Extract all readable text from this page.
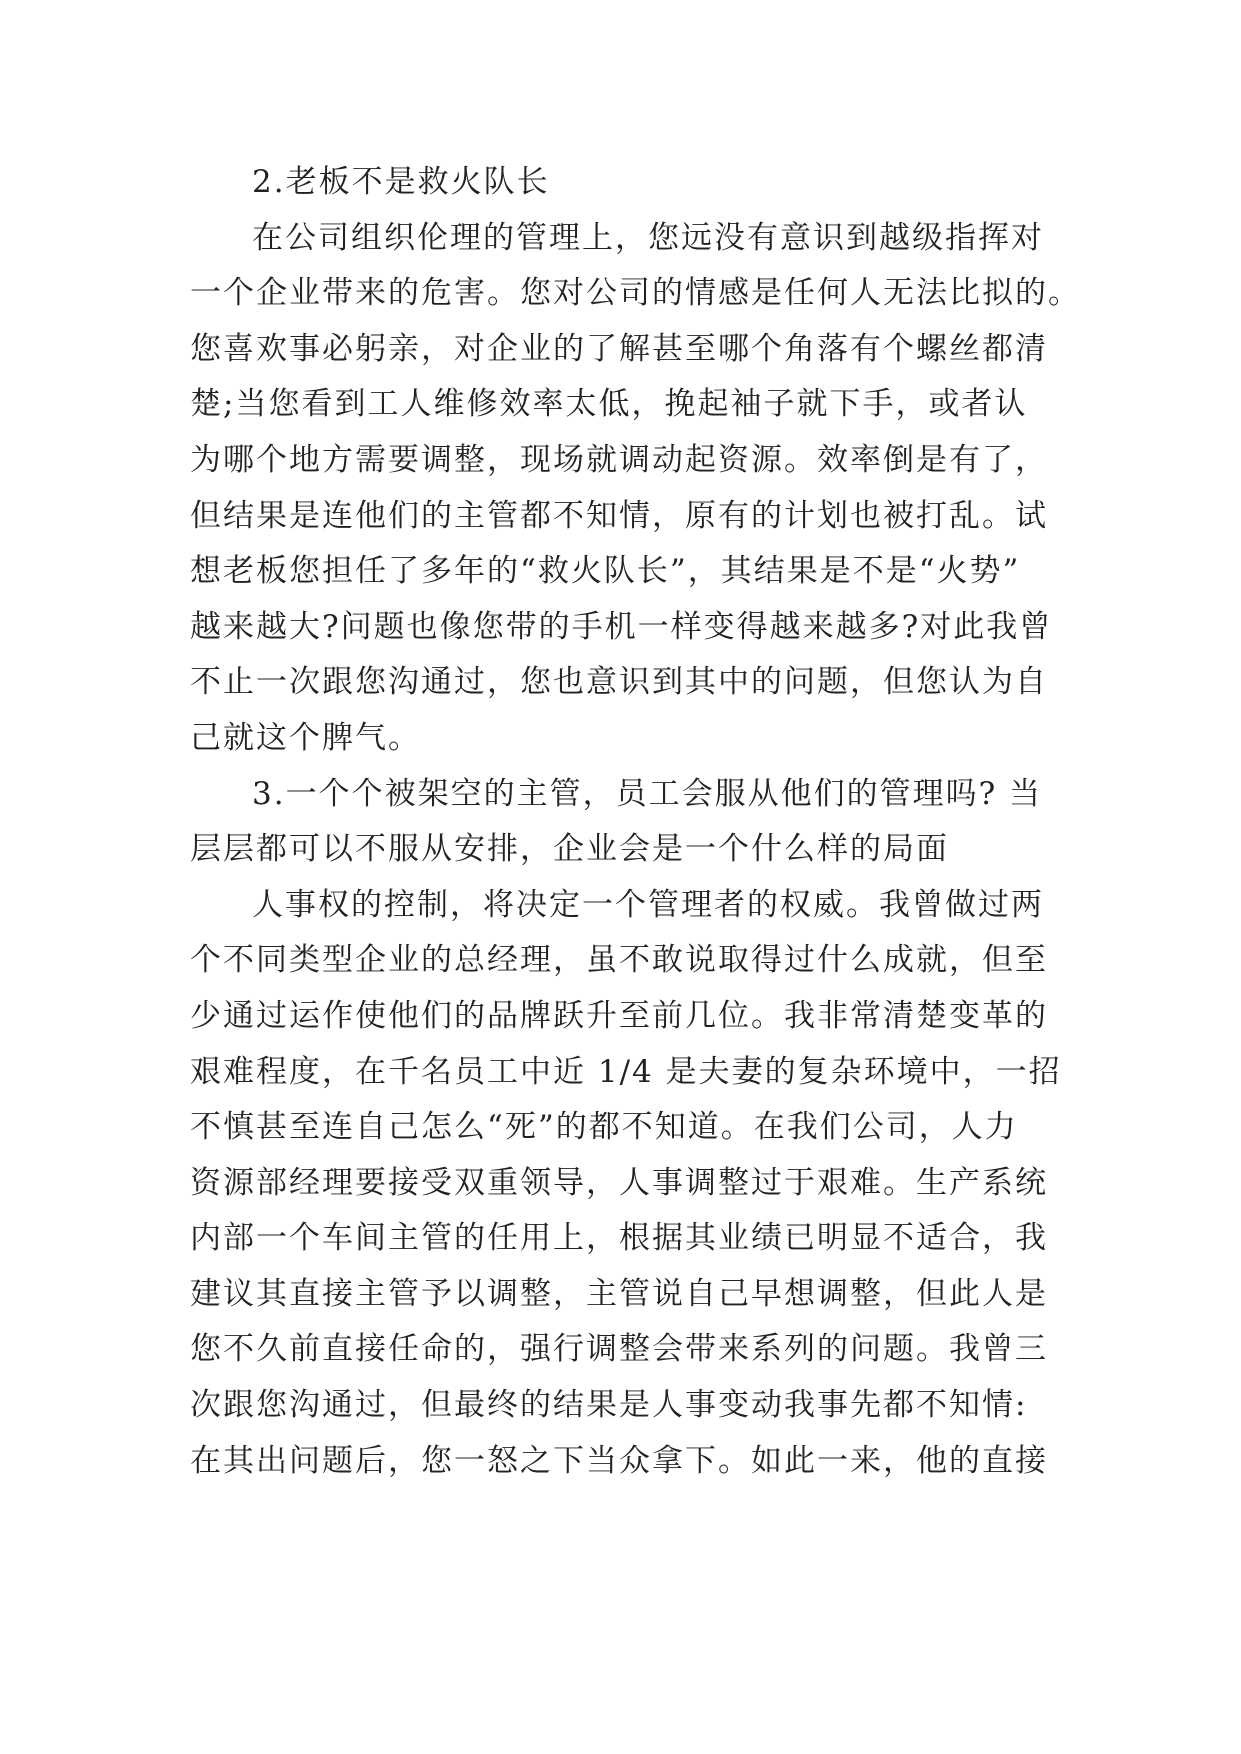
2.老板不是救火队长
在公司组织伦理的管理上，您远没有意识到越级指挥对
一个企业带来的危害。您对公司的情感是任何人无法比拟的。
您喜欢事必躬亲，对企业的了解甚至哪个角落有个螺丝都清
楚;当您看到工人维修效率太低，挽起袖子就下手，或者认
为哪个地方需要调整，现场就调动起资源。效率倒是有了，
但结果是连他们的主管都不知情，原有的计划也被打乱。试
想老板您担任了多年的“救火队长”，其结果是不是“火势”
越来越大?问题也像您带的手机一样变得越来越多?对此我曾
不止一次跟您沟通过，您也意识到其中的问题，但您认为自
己就这个脾气。
3.一个个被架空的主管，员工会服从他们的管理吗? 当
层层都可以不服从安排，企业会是一个什么样的局面
人事权的控制，将决定一个管理者的权威。我曾做过两
个不同类型企业的总经理，虽不敢说取得过什么成就，但至
少通过运作使他们的品牌跃升至前几位。我非常清楚变革的
艰难程度，在千名员工中近 1/4 是夫妻的复杂环境中，一招
不慎甚至连自己怎么“死”的都不知道。在我们公司，人力
资源部经理要接受双重领导，人事调整过于艰难。生产系统
内部一个车间主管的任用上，根据其业绩已明显不适合，我
建议其直接主管予以调整，主管说自己早想调整，但此人是
您不久前直接任命的，强行调整会带来系列的问题。我曾三
次跟您沟通过，但最终的结果是人事变动我事先都不知情:
在其出问题后，您一怒之下当众拿下。如此一来，他的直接
